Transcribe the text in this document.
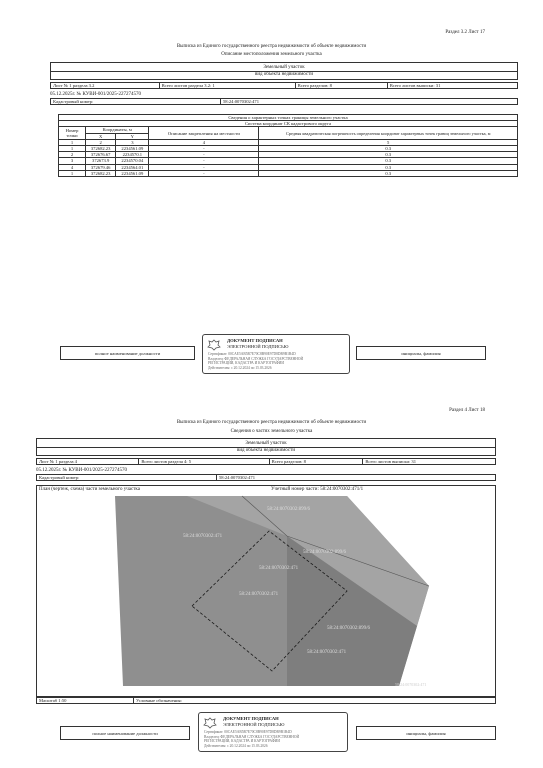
Раздел 3.2 Лист 17
Выписка из Единого государственного реестра недвижимости об объекте недвижимости
Описание местоположения земельного участка
Земельный участок
вид объекта недвижимости
Лист № 1 раздела 3.2	Всего листов раздела 3.2: 1	Всего разделов: 8	Всего листов выписки: 31
05.12.2025г. № КУВИ-001/2025-227274570
Кадастровый номер:	58:24:0070302:471
Сведения о характерных точках границы земельного участка				
Система координат СК кадастрового округа				
Номер точки	Координаты, м		Описание закрепления на местности	Средняя квадратическая погрешность определения координат характерных точек границ земельного участка, м
	X	Y		
1	2	3	4	5
1	372682.23	2234561.09	-	0.3
2	372676.67	2234570.1	-	0.3
3	372673.9	2234570.04	-	0.3
4	372679.46	2234564.01	-	0.3
1	372682.23	2234561.09	-	0.3
полное наименование должности
ДОКУМЕНТ ПОДПИСАН
ЭЛЕКТРОННОЙ ПОДПИСЬЮ
Сертификат: 00CAE5AB5B7E70C8B90E97D8DB9B1B4D
Владелец: ФЕДЕРАЛЬНАЯ СЛУЖБА ГОСУДАРСТВЕННОЙ
РЕГИСТРАЦИИ, КАДАСТРА И КАРТОГРАФИИ
Действителен: с 20.12.2024 по 15.03.2026
инициалы, фамилия
Раздел 4 Лист 18
Выписка из Единого государственного реестра недвижимости об объекте недвижимости
Сведения о частях земельного участка
Земельный участок
вид объекта недвижимости
Лист № 1 раздела 4	Всего листов раздела 4: 5	Всего разделов: 8	Всего листов выписки: 31
05.12.2025г. № КУВИ-001/2025-227274570
Кадастровый номер:	58:24:0070302:471
План (чертеж, схема) части земельного участка	Учетный номер части: 58:24:0070302:471/1
58:24:0070302:899/6
58:24:0070302:471
58:24:0070302:899/6
58:24:0070302:471
58:24:0070302:471
58:24:0070302:899/6
58:24:0070302:471
58:24:0070302:471
Масштаб 1:50	Условные обозначения:
полное наименование должности
ДОКУМЕНТ ПОДПИСАН
ЭЛЕКТРОННОЙ ПОДПИСЬЮ
Сертификат: 00CAE5AB5B7E70C8B90E97D8DB9B1B4D
Владелец: ФЕДЕРАЛЬНАЯ СЛУЖБА ГОСУДАРСТВЕННОЙ
РЕГИСТРАЦИИ, КАДАСТРА И КАРТОГРАФИИ
Действителен: с 20.12.2024 по 15.03.2026
инициалы, фамилия
